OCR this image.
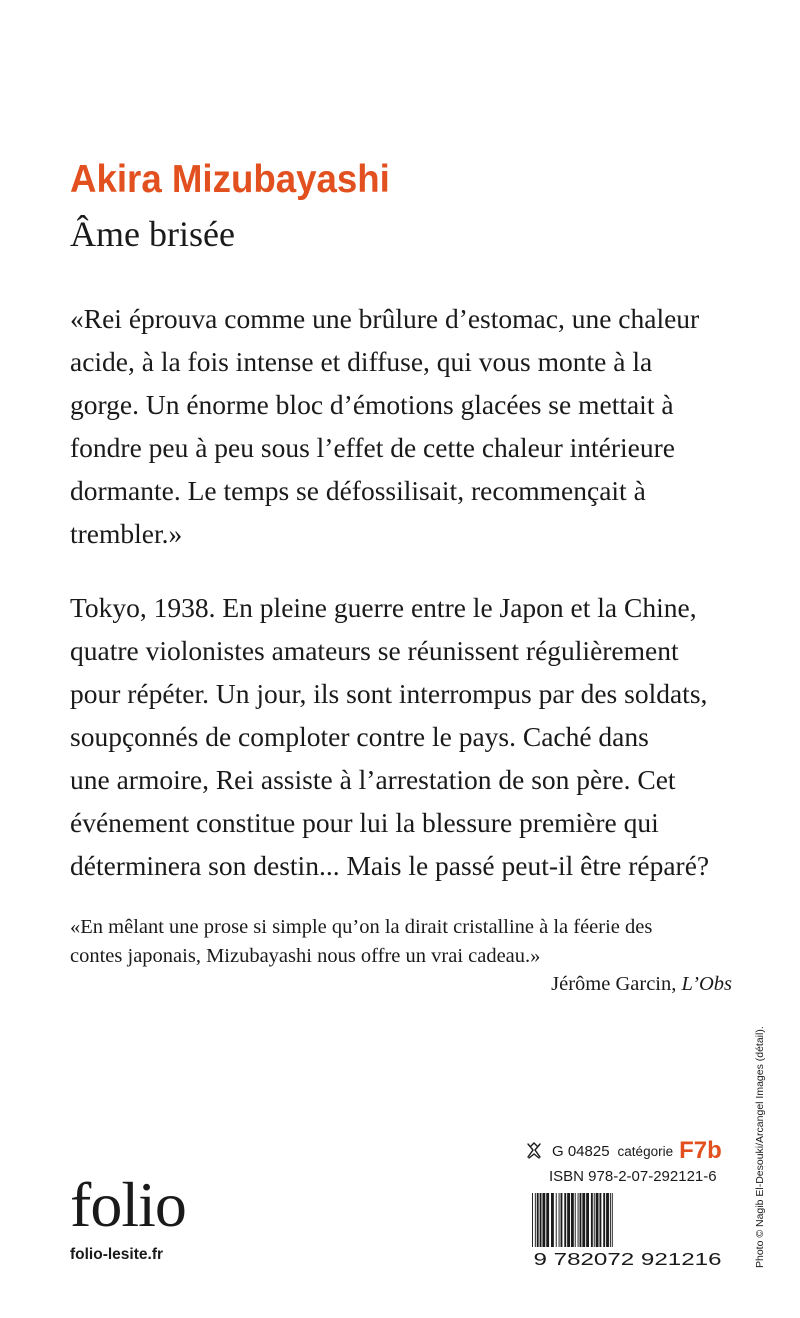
Akira Mizubayashi
Âme brisée
«Rei éprouva comme une brûlure d’estomac, une chaleur
acide, à la fois intense et diffuse, qui vous monte à la
gorge. Un énorme bloc d’émotions glacées se mettait à
fondre peu à peu sous l’effet de cette chaleur intérieure
dormante. Le temps se défossilisait, recommençait à
trembler.»
Tokyo, 1938. En pleine guerre entre le Japon et la Chine,
quatre violonistes amateurs se réunissent régulièrement
pour répéter. Un jour, ils sont interrompus par des soldats,
soupçonnés de comploter contre le pays. Caché dans
une armoire, Rei assiste à l’arrestation de son père. Cet
événement constitue pour lui la blessure première qui
déterminera son destin... Mais le passé peut-il être réparé?
«En mêlant une prose si simple qu’on la dirait cristalline à la féerie des
contes japonais, Mizubayashi nous offre un vrai cadeau.»
Jérôme Garcin, L’Obs
folio
folio-lesite.fr
G 04825 catégorie F7b
ISBN 978-2-07-292121-6
9 782072 921216	Photo © Nagib El-Desouki/Arcangel Images (détail).
